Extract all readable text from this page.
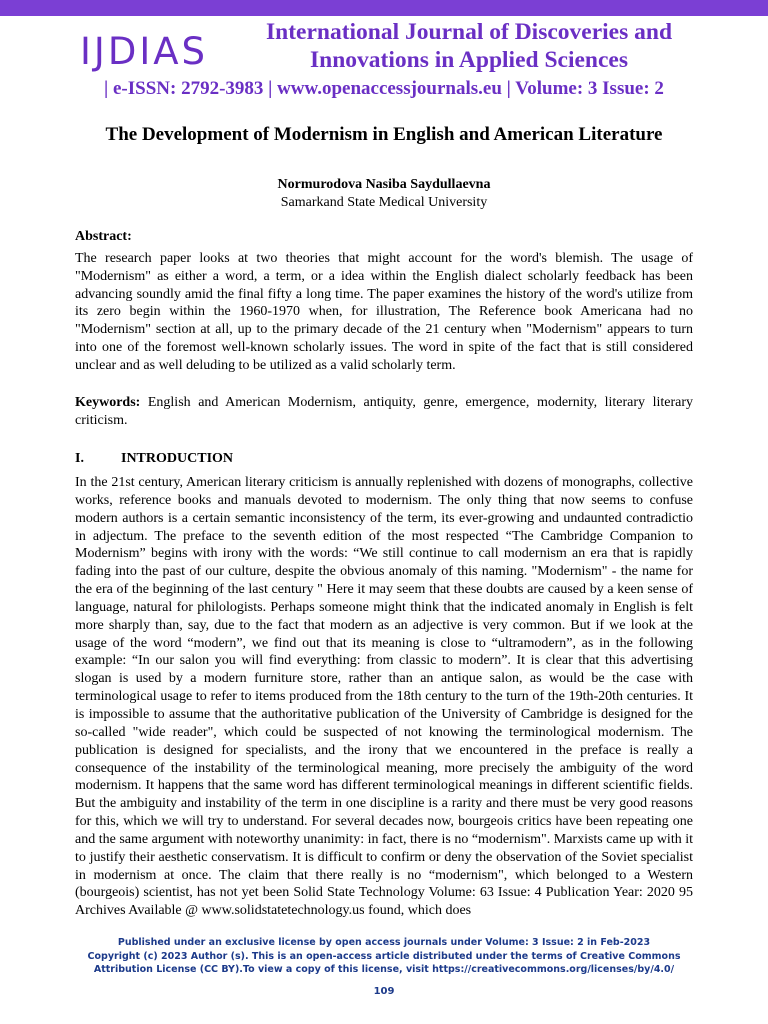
IJDIAS	International Journal of Discoveries and Innovations in Applied Sciences
| e-ISSN: 2792-3983 | www.openaccessjournals.eu | Volume: 3 Issue: 2
The Development of Modernism in English and American Literature
Normurodova Nasiba Saydullaevna
Samarkand State Medical University
Abstract:
The research paper looks at two theories that might account for the word's blemish. The usage of "Modernism" as either a word, a term, or a idea within the English dialect scholarly feedback has been advancing soundly amid the final fifty a long time. The paper examines the history of the word's utilize from its zero begin within the 1960-1970 when, for illustration, The Reference book Americana had no "Modernism" section at all, up to the primary decade of the 21 century when "Modernism" appears to turn into one of the foremost well-known scholarly issues. The word in spite of the fact that is still considered unclear and as well deluding to be utilized as a valid scholarly term.
Keywords: English and American Modernism, antiquity, genre, emergence, modernity, literary literary criticism.
I.	INTRODUCTION
In the 21st century, American literary criticism is annually replenished with dozens of monographs, collective works, reference books and manuals devoted to modernism. The only thing that now seems to confuse modern authors is a certain semantic inconsistency of the term, its ever-growing and undaunted contradictio in adjectum. The preface to the seventh edition of the most respected “The Cambridge Companion to Modernism” begins with irony with the words: “We still continue to call modernism an era that is rapidly fading into the past of our culture, despite the obvious anomaly of this naming. "Modernism" - the name for the era of the beginning of the last century " Here it may seem that these doubts are caused by a keen sense of language, natural for philologists. Perhaps someone might think that the indicated anomaly in English is felt more sharply than, say, due to the fact that modern as an adjective is very common. But if we look at the usage of the word “modern”, we find out that its meaning is close to “ultramodern”, as in the following example: “In our salon you will find everything: from classic to modern”. It is clear that this advertising slogan is used by a modern furniture store, rather than an antique salon, as would be the case with terminological usage to refer to items produced from the 18th century to the turn of the 19th-20th centuries. It is impossible to assume that the authoritative publication of the University of Cambridge is designed for the so-called "wide reader", which could be suspected of not knowing the terminological modernism. The publication is designed for specialists, and the irony that we encountered in the preface is really a consequence of the instability of the terminological meaning, more precisely the ambiguity of the word modernism. It happens that the same word has different terminological meanings in different scientific fields. But the ambiguity and instability of the term in one discipline is a rarity and there must be very good reasons for this, which we will try to understand. For several decades now, bourgeois critics have been repeating one and the same argument with noteworthy unanimity: in fact, there is no “modernism". Marxists came up with it to justify their aesthetic conservatism. It is difficult to confirm or deny the observation of the Soviet specialist in modernism at once. The claim that there really is no “modernism", which belonged to a Western (bourgeois) scientist, has not yet been Solid State Technology Volume: 63 Issue: 4 Publication Year: 2020 95 Archives Available @ www.solidstatetechnology.us found, which does
Published under an exclusive license by open access journals under Volume: 3 Issue: 2 in Feb-2023
Copyright (c) 2023 Author (s). This is an open-access article distributed under the terms of Creative Commons
Attribution License (CC BY).To view a copy of this license, visit https://creativecommons.org/licenses/by/4.0/
109
